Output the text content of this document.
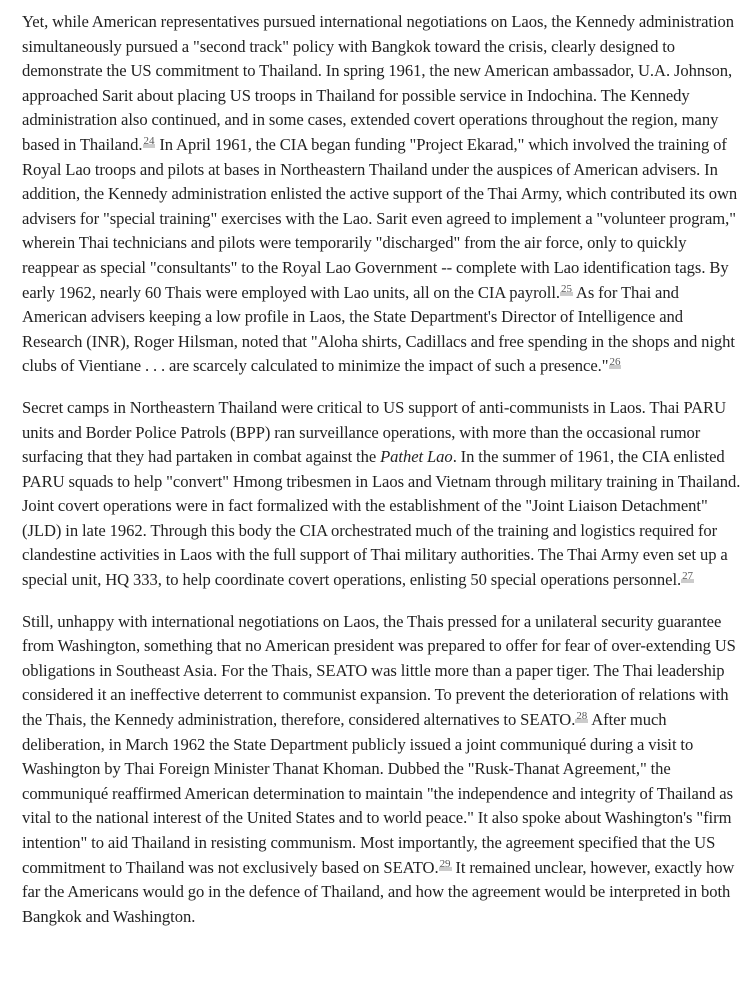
Yet, while American representatives pursued international negotiations on Laos, the Kennedy administration simultaneously pursued a "second track" policy with Bangkok toward the crisis, clearly designed to demonstrate the US commitment to Thailand. In spring 1961, the new American ambassador, U.A. Johnson, approached Sarit about placing US troops in Thailand for possible service in Indochina. The Kennedy administration also continued, and in some cases, extended covert operations throughout the region, many based in Thailand.$^{24}$ In April 1961, the CIA began funding "Project Ekarad," which involved the training of Royal Lao troops and pilots at bases in Northeastern Thailand under the auspices of American advisers. In addition, the Kennedy administration enlisted the active support of the Thai Army, which contributed its own advisers for "special training" exercises with the Lao. Sarit even agreed to implement a "volunteer program," wherein Thai technicians and pilots were temporarily "discharged" from the air force, only to quickly reappear as special "consultants" to the Royal Lao Government -- complete with Lao identification tags. By early 1962, nearly 60 Thais were employed with Lao units, all on the CIA payroll.$^{25}$ As for Thai and American advisers keeping a low profile in Laos, the State Department's Director of Intelligence and Research (INR), Roger Hilsman, noted that "Aloha shirts, Cadillacs and free spending in the shops and night clubs of Vientiane . . . are scarcely calculated to minimize the impact of such a presence."$^{26}$

Secret camps in Northeastern Thailand were critical to US support of anti-communists in Laos. Thai PARU units and Border Police Patrols (BPP) ran surveillance operations, with more than the occasional rumor surfacing that they had partaken in combat against the Pathet Lao. In the summer of 1961, the CIA enlisted PARU squads to help "convert" Hmong tribesmen in Laos and Vietnam through military training in Thailand. Joint covert operations were in fact formalized with the establishment of the "Joint Liaison Detachment" (JLD) in late 1962. Through this body the CIA orchestrated much of the training and logistics required for clandestine activities in Laos with the full support of Thai military authorities. The Thai Army even set up a special unit, HQ 333, to help coordinate covert operations, enlisting 50 special operations personnel.$^{27}$

Still, unhappy with international negotiations on Laos, the Thais pressed for a unilateral security guarantee from Washington, something that no American president was prepared to offer for fear of over-extending US obligations in Southeast Asia. For the Thais, SEATO was little more than a paper tiger. The Thai leadership considered it an ineffective deterrent to communist expansion. To prevent the deterioration of relations with the Thais, the Kennedy administration, therefore, considered alternatives to SEATO.$^{28}$ After much deliberation, in March 1962 the State Department publicly issued a joint communiqué during a visit to Washington by Thai Foreign Minister Thanat Khoman. Dubbed the "Rusk-Thanat Agreement," the communiqué reaffirmed American determination to maintain "the independence and integrity of Thailand as vital to the national interest of the United States and to world peace." It also spoke about Washington's "firm intention" to aid Thailand in resisting communism. Most importantly, the agreement specified that the US commitment to Thailand was not exclusively based on SEATO.$^{29}$ It remained unclear, however, exactly how far the Americans would go in the defence of Thailand, and how the agreement would be interpreted in both Bangkok and Washington.
